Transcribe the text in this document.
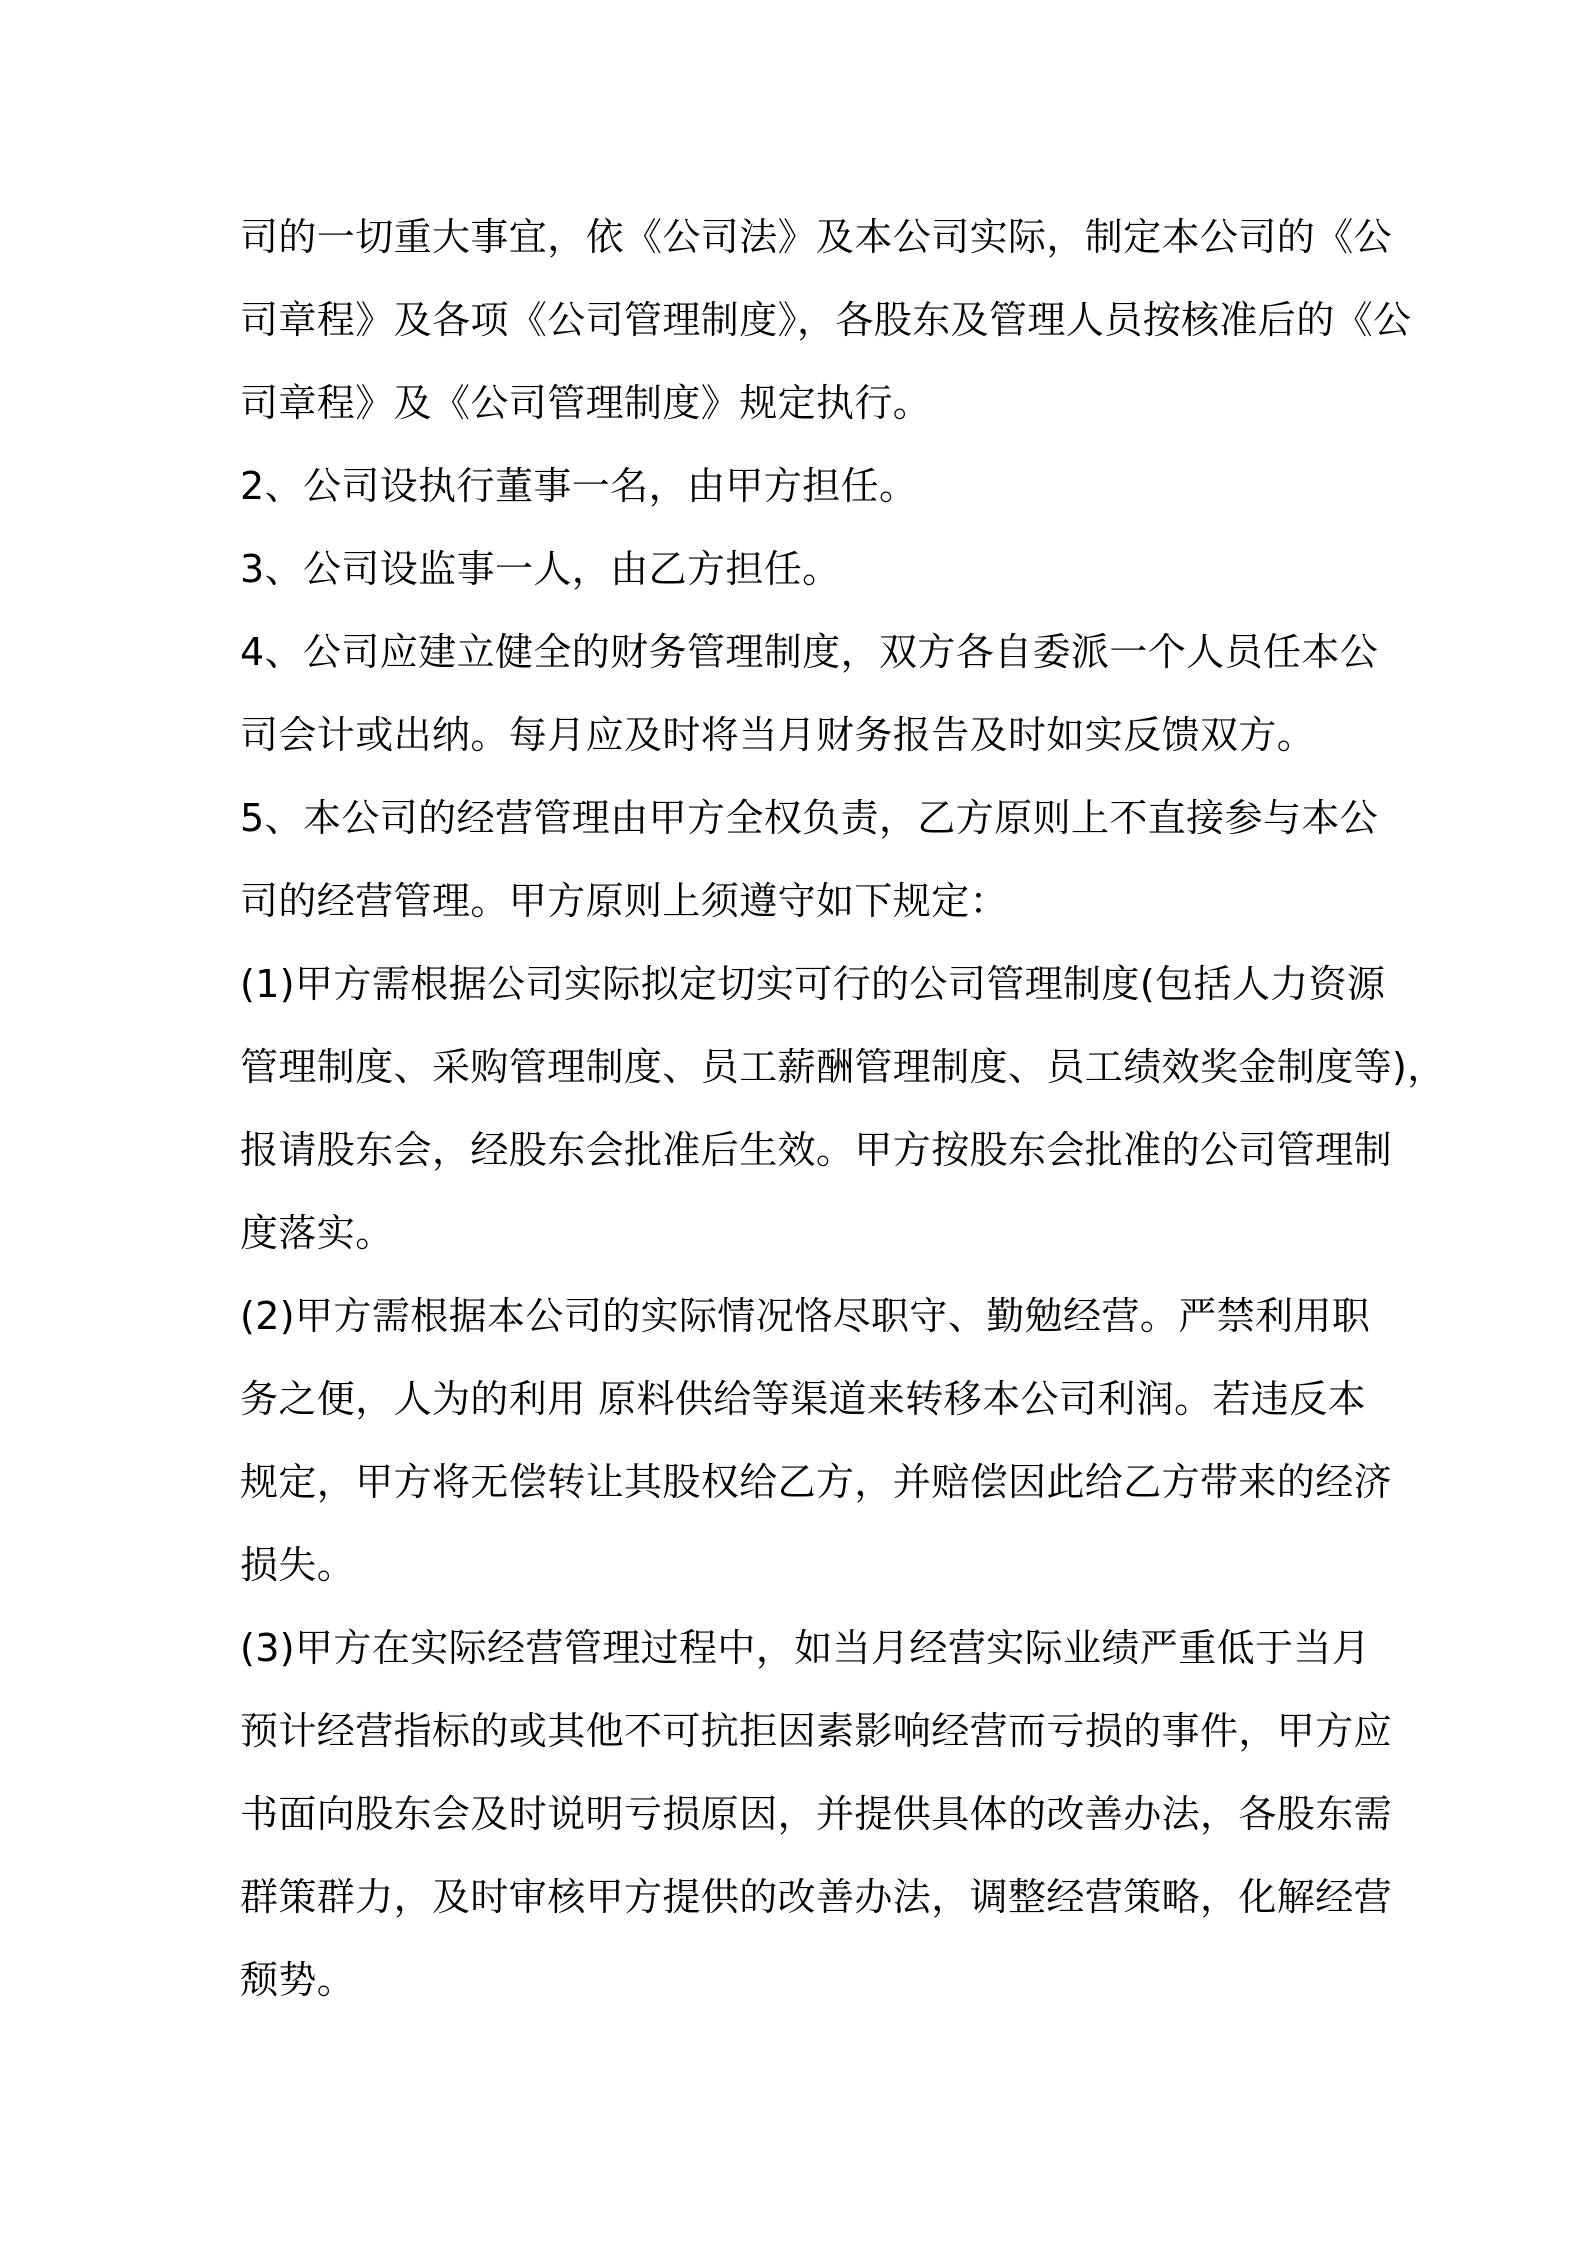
司的一切重大事宜，依《公司法》及本公司实际，制定本公司的《公
司章程》及各项《公司管理制度》，各股东及管理人员按核准后的《公
司章程》及《公司管理制度》规定执行。
2、公司设执行董事一名，由甲方担任。
3、公司设监事一人，由乙方担任。
4、公司应建立健全的财务管理制度，双方各自委派一个人员任本公
司会计或出纳。每月应及时将当月财务报告及时如实反馈双方。
5、本公司的经营管理由甲方全权负责，乙方原则上不直接参与本公
司的经营管理。甲方原则上须遵守如下规定：
(1)甲方需根据公司实际拟定切实可行的公司管理制度(包括人力资源
管理制度、采购管理制度、员工薪酬管理制度、员工绩效奖金制度等)，
报请股东会，经股东会批准后生效。甲方按股东会批准的公司管理制
度落实。
(2)甲方需根据本公司的实际情况恪尽职守、勤勉经营。严禁利用职
务之便，人为的利用 原料供给等渠道来转移本公司利润。若违反本
规定，甲方将无偿转让其股权给乙方，并赔偿因此给乙方带来的经济
损失。
(3)甲方在实际经营管理过程中，如当月经营实际业绩严重低于当月
预计经营指标的或其他不可抗拒因素影响经营而亏损的事件，甲方应
书面向股东会及时说明亏损原因，并提供具体的改善办法，各股东需
群策群力，及时审核甲方提供的改善办法，调整经营策略，化解经营
颓势。
